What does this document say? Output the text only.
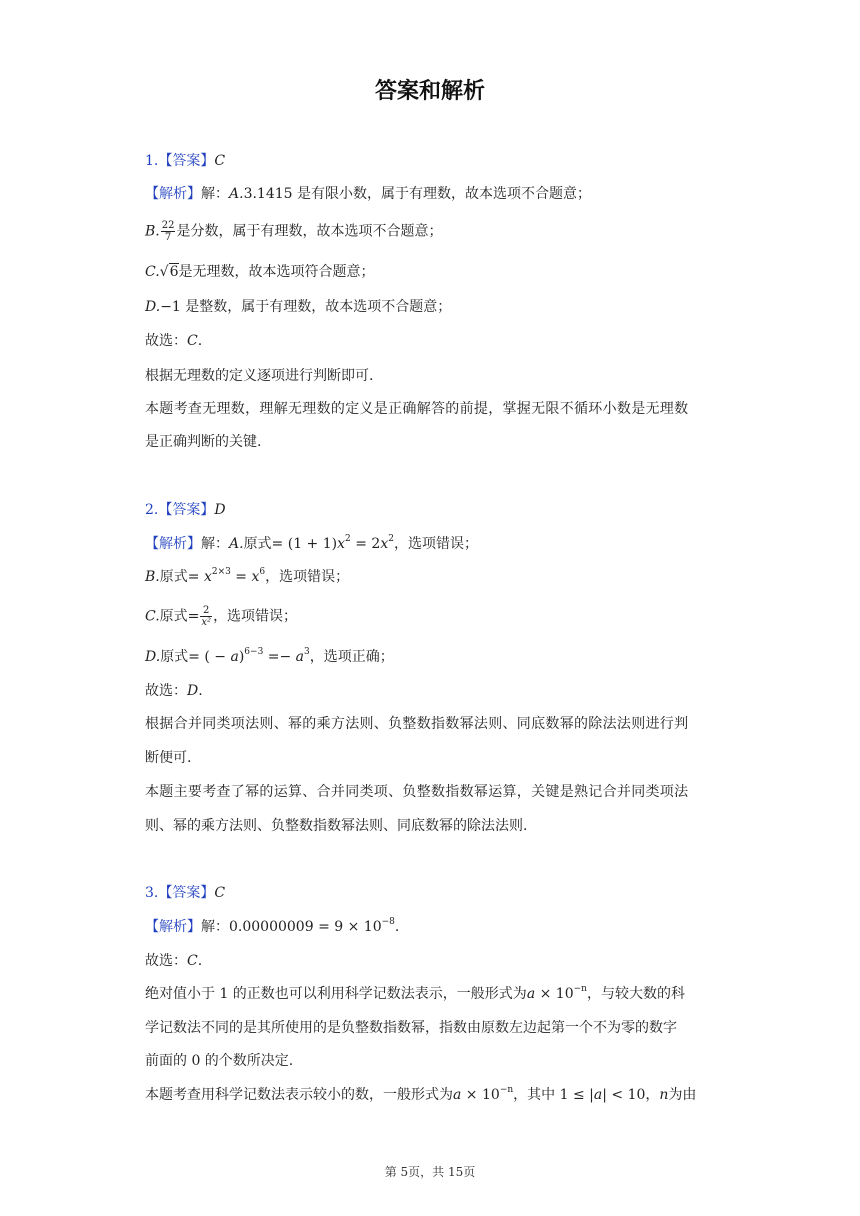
答案和解析
1.【答案】C
【解析】解：A.3.1415 是有限小数，属于有理数，故本选项不合题意；
B. $\frac{22}{7}$ 是分数，属于有理数，故本选项不合题意；
C.√6是无理数，故本选项符合题意；
D.−1 是整数，属于有理数，故本选项不合题意；
故选：C.
根据无理数的定义逐项进行判断即可.
本题考查无理数，理解无理数的定义是正确解答的前提，掌握无限不循环小数是无理数
是正确判断的关键.
2.【答案】D
【解析】解：A.原式= $(1 + 1)x^2 = 2x^2$，选项错误；
B.原式= $x^{2\times 3} = x^6$，选项错误；
C.原式= $\frac{2}{\text{x²}}$ ，选项错误；
D.原式= ( − $a)^{6-3} =- a^3$，选项正确；
故选：D.
根据合并同类项法则、幂的乘方法则、负整数指数幂法则、同底数幂的除法法则进行判
断便可.
本题主要考查了幂的运算、合并同类项、负整数指数幂运算，关键是熟记合并同类项法
则、幂的乘方法则、负整数指数幂法则、同底数幂的除法法则.
3.【答案】C
【解析】解：$0.00000009 = 9 \times 10^{-8}$.
故选：C.
绝对值小于 1 的正数也可以利用科学记数法表示，一般形式为$a \times 10^{-n}$，与较大数的科
学记数法不同的是其所使用的是负整数指数幂，指数由原数左边起第一个不为零的数字
前面的 0 的个数所决定.
本题考查用科学记数法表示较小的数，一般形式为$a \times 10^{-n}$，其中 1 ≤ |a| < 10，n为由
第 5页，共 15页
